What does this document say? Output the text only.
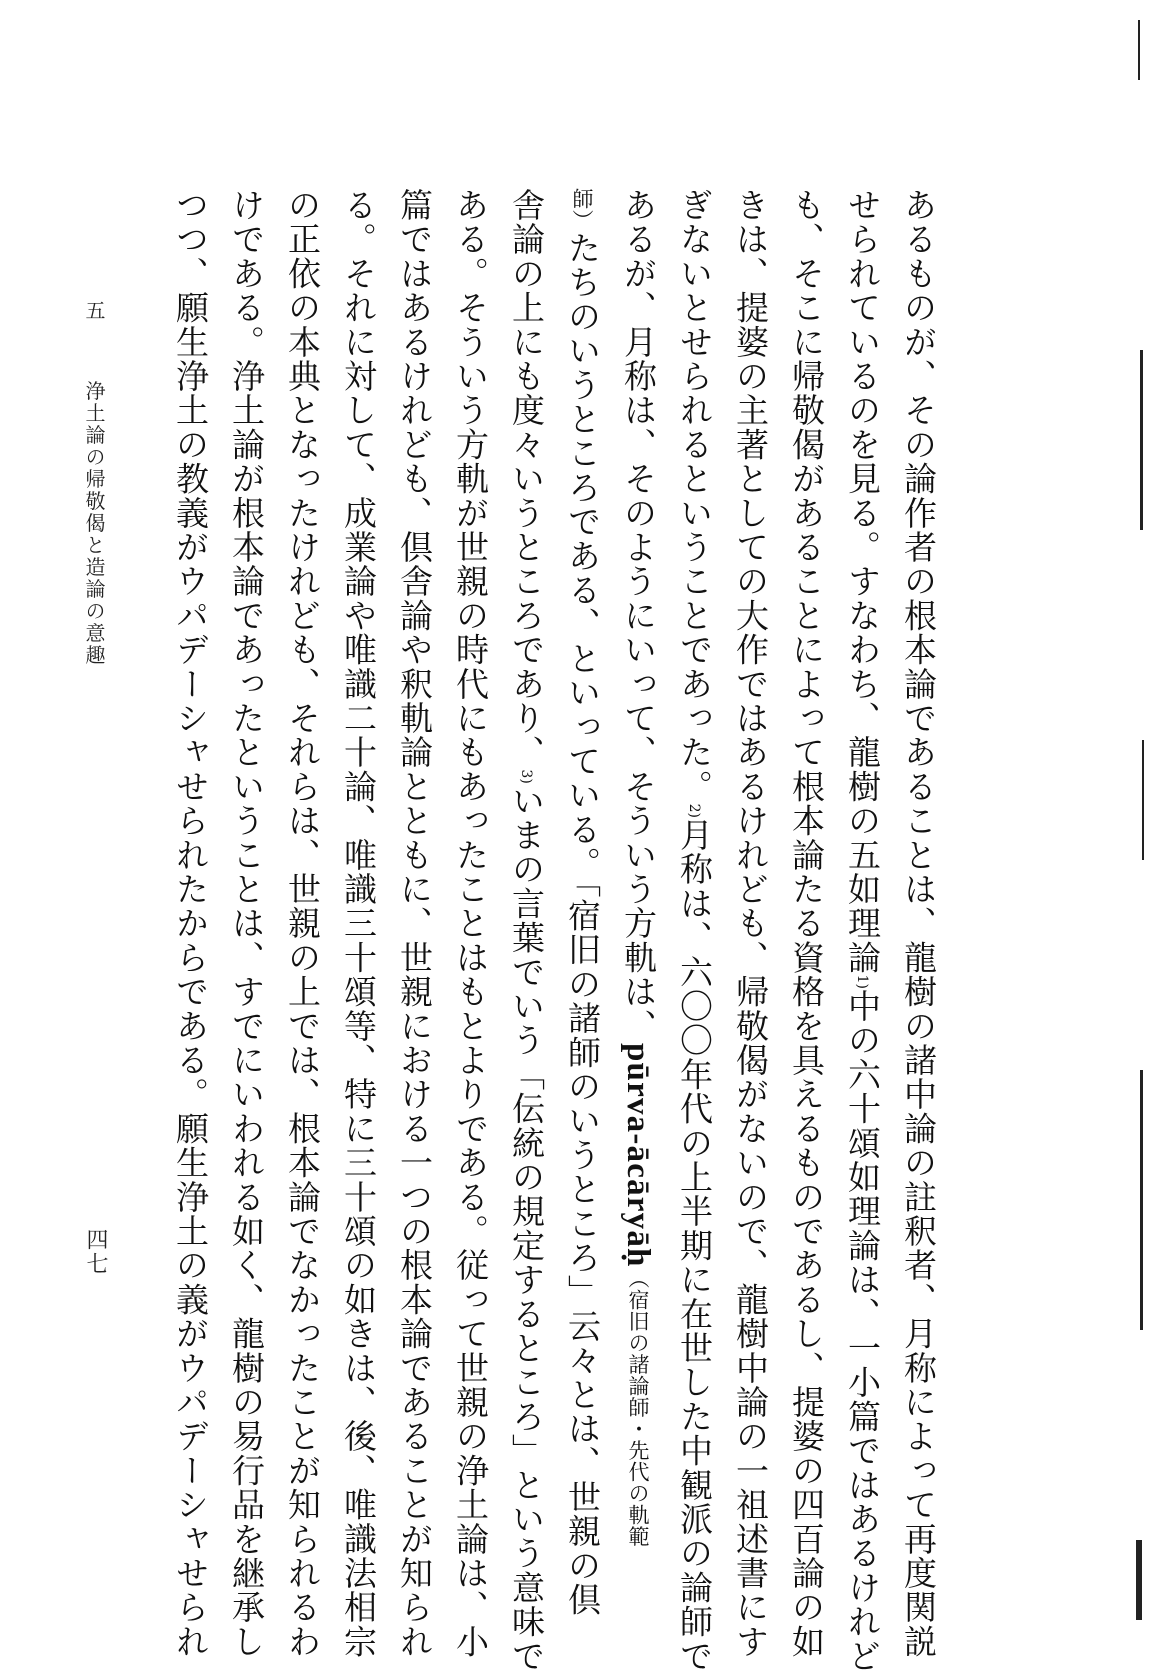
あるものが、その論作者の根本論であることは、龍樹の諸中論の註釈者、月称によって再度関説
せられているのを見る。すなわち、龍樹の五如理論1)中の六十頌如理論は、一小篇ではあるけれど
も、そこに帰敬偈があることによって根本論たる資格を具えるものであるし、提婆の四百論の如
きは、提婆の主著としての大作ではあるけれども、帰敬偈がないので、龍樹中論の一祖述書にす
ぎないとせられるということであった。2)月称は、六〇〇年代の上半期に在世した中観派の論師で
あるが、月称は、そのようにいって、そういう方軌は、pūrva-ācāryāḥ（宿旧の諸論師・先代の軌範
師）たちのいうところである、といっている。「宿旧の諸師のいうところ」云々とは、世親の倶
舎論の上にも度々いうところであり、3)いまの言葉でいう「伝統の規定するところ」という意味で
ある。そういう方軌が世親の時代にもあったことはもとよりである。従って世親の浄土論は、小
篇ではあるけれども、倶舎論や釈軌論とともに、世親における一つの根本論であることが知られ
る。それに対して、成業論や唯識二十論、唯識三十頌等、特に三十頌の如きは、後、唯識法相宗
の正依の本典となったけれども、それらは、世親の上では、根本論でなかったことが知られるわ
けである。浄土論が根本論であったということは、すでにいわれる如く、龍樹の易行品を継承し
つつ、願生浄土の教義がウパデーシャせられたからである。願生浄土の義がウパデーシャせられ
五　 浄土論の帰敬偈と造論の意趣
四七
